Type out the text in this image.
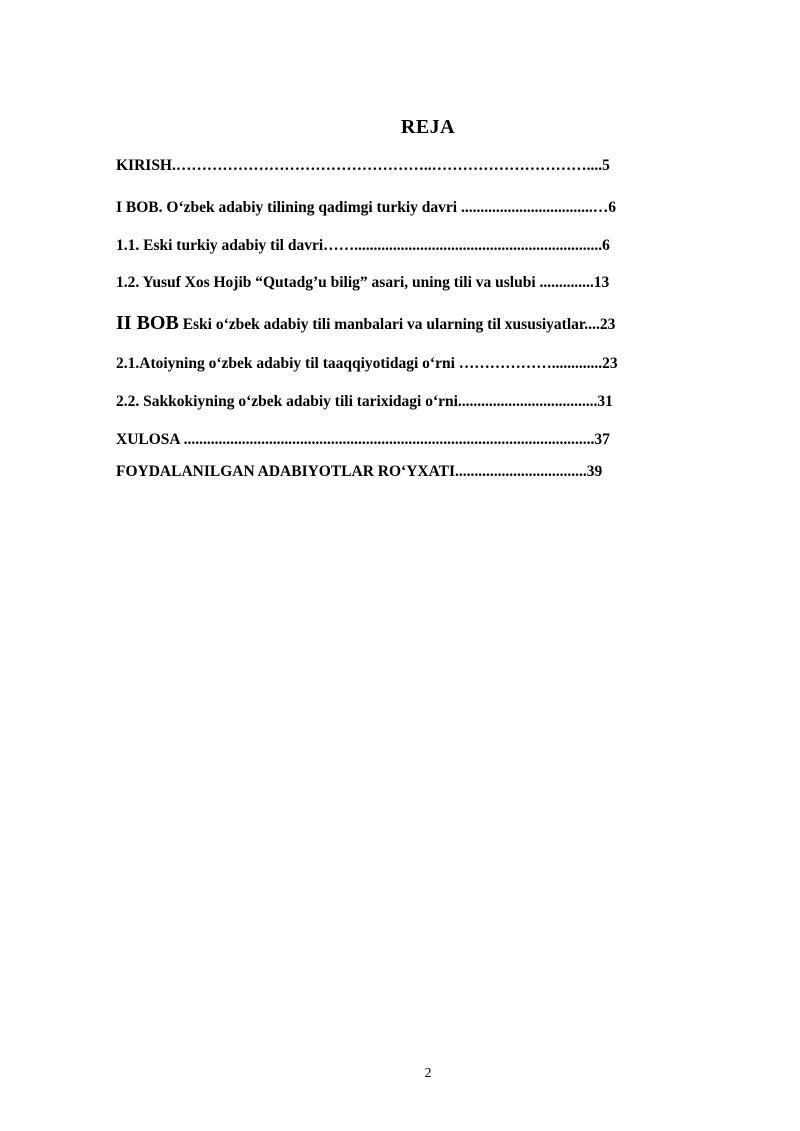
REJA
KIRISH.…………………………………………..…………………………....5
I BOB. O‘zbek adabiy tilining qadimgi turkiy davri ..................................…6
1.1. Eski turkiy adabiy til davri……................................................................6
1.2. Yusuf Xos Hojib “Qutadg’u bilig” asari, uning tili va uslubi ..............13
II BOB Eski o‘zbek adabiy tili manbalari va ularning til xususiyatlar....23
2.1.Atoiyning o‘zbek adabiy til taaqqiyotidagi o‘rni ……………….............23
2.2. Sakkokiyning o‘zbek adabiy tili tarixidagi o‘rni....................................31
XULOSA ..........................................................................................................37
FOYDALANILGAN ADABIYOTLAR RO‘YXATI..................................39
2
